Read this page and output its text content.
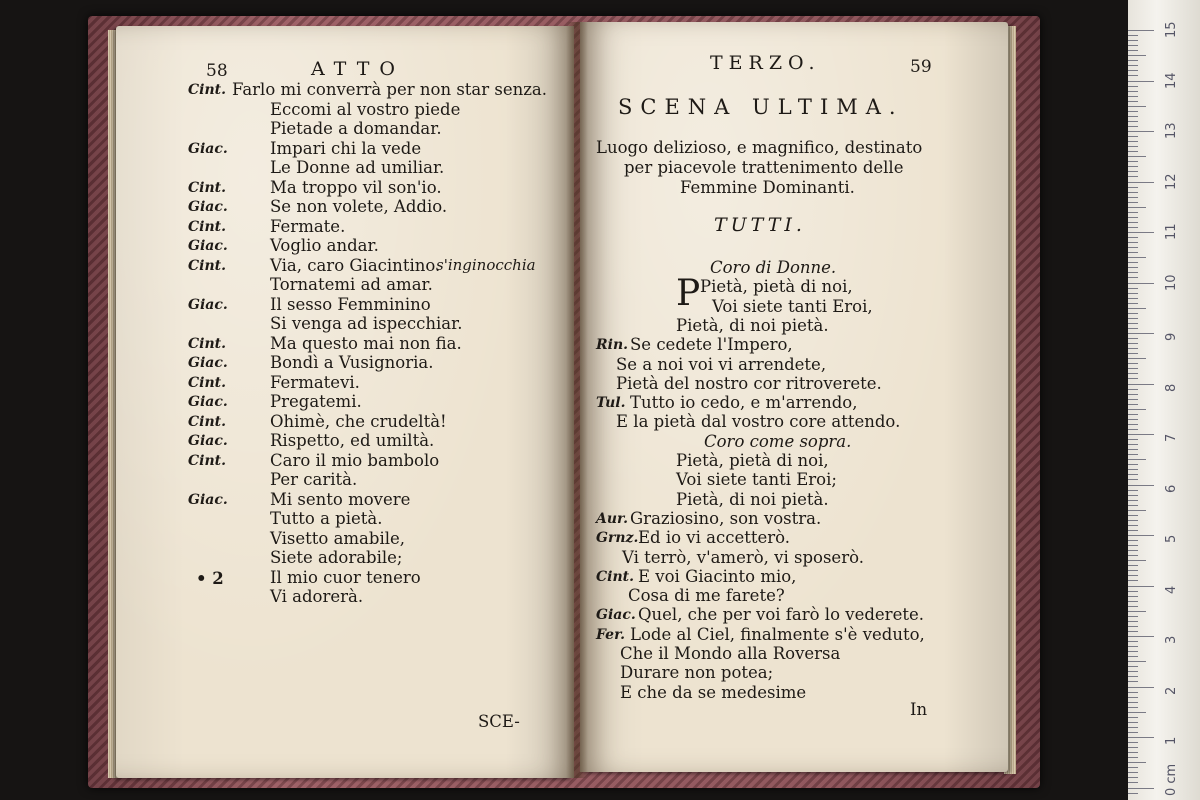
58	ATTO
Cint. Farlo mi converrà per non star senza.
Eccomi al vostro piede
Pietade a domandar.
Giac.	Impari chi la vede
Le Donne ad umiliar.
Cint.	Ma troppo vil son'io.
Giac.	Se non volete, Addio.
Cint.	Fermate.
Giac.	Voglio andar.
Cint.	Via, caro Giacintino.
s'inginocchia
Tornatemi ad amar.
Giac.	Il sesso Femminino
Si venga ad ispecchiar.
Cint.	Ma questo mai non fia.
Giac.	Bondì a Vusignoria.
Cint.	Fermatevi.
Giac.	Pregatemi.
Cint.	Ohimè, che crudeltà!
Giac.	Rispetto, ed umiltà.
Cint.	Caro il mio bambolo
Per carità.
Giac.	Mi sento movere
Tutto a pietà.
Visetto amabile,
Siete adorabile;
Il mio cuor tenero
Vi adorerà.
• 2
SCE-
TERZO.	59
SCENA ULTIMA.
Luogo delizioso, e magnifico, destinato
per piacevole trattenimento delle
Femmine Dominanti.
TUTTI.
Coro di Donne.
P Pietà, pietà di noi,
Voi siete tanti Eroi,
Pietà, di noi pietà.
Rin. Se cedete l'Impero,
Se a noi voi vi arrendete,
Pietà del nostro cor ritroverete.
Tul. Tutto io cedo, e m'arrendo,
E la pietà dal vostro core attendo.
Coro come sopra.
Pietà, pietà di noi,
Voi siete tanti Eroi;
Pietà, di noi pietà.
Aur. Graziosino, son vostra.
Grnz. Ed io vi accetterò.
Vi terrò, v'amerò, vi sposerò.
Cint. E voi Giacinto mio,
Cosa di me farete?
Giac. Quel, che per voi farò lo vederete.
Fer. Lode al Ciel, finalmente s'è veduto,
Che il Mondo alla Roversa
Durare non potea;
E che da se medesime
In
15
14
13
12
11
10
9
8
7
6
5
4
3
2
1
0 cm
